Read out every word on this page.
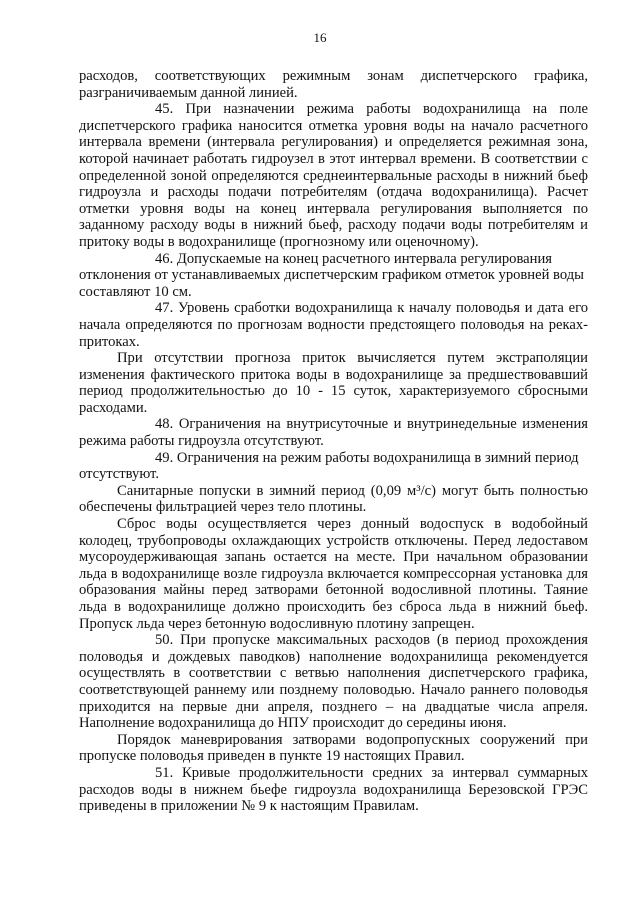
16

расходов, соответствующих режимным зонам диспетчерского графика, разграничиваемым данной линией.

45. При назначении режима работы водохранилища на поле диспетчерского графика наносится отметка уровня воды на начало расчетного интервала времени (интервала регулирования) и определяется режимная зона, которой начинает работать гидроузел в этот интервал времени. В соответствии с определенной зоной определяются среднеинтервальные расходы в нижний бьеф гидроузла и расходы подачи потребителям (отдача водохранилища). Расчет отметки уровня воды на конец интервала регулирования выполняется по заданному расходу воды в нижний бьеф, расходу подачи воды потребителям и притоку воды в водохранилище (прогнозному или оценочному).

46. Допускаемые на конец расчетного интервала регулирования отклонения от устанавливаемых диспетчерским графиком отметок уровней воды составляют 10 см.

47. Уровень сработки водохранилища к началу половодья и дата его начала определяются по прогнозам водности предстоящего половодья на реках-притоках.

При отсутствии прогноза приток вычисляется путем экстраполяции изменения фактического притока воды в водохранилище за предшествовавший период продолжительностью до 10 - 15 суток, характеризуемого сбросными расходами.

48. Ограничения на внутрисуточные и внутринедельные изменения режима работы гидроузла отсутствуют.

49. Ограничения на режим работы водохранилища в зимний период отсутствуют.

Санитарные попуски в зимний период (0,09 м³/с) могут быть полностью обеспечены фильтрацией через тело плотины.

Сброс воды осуществляется через донный водоспуск в водобойный колодец, трубопроводы охлаждающих устройств отключены. Перед ледоставом мусороудерживающая запань остается на месте. При начальном образовании льда в водохранилище возле гидроузла включается компрессорная установка для образования майны перед затворами бетонной водосливной плотины. Таяние льда в водохранилище должно происходить без сброса льда в нижний бьеф. Пропуск льда через бетонную водосливную плотину запрещен.

50. При пропуске максимальных расходов (в период прохождения половодья и дождевых паводков) наполнение водохранилища рекомендуется осуществлять в соответствии с ветвью наполнения диспетчерского графика, соответствующей раннему или позднему половодью. Начало раннего половодья приходится на первые дни апреля, позднего – на двадцатые числа апреля. Наполнение водохранилища до НПУ происходит до середины июня.

Порядок маневрирования затворами водопропускных сооружений при пропуске половодья приведен в пункте 19 настоящих Правил.

51. Кривые продолжительности средних за интервал суммарных расходов воды в нижнем бьефе гидроузла водохранилища Березовской ГРЭС приведены в приложении № 9 к настоящим Правилам.
